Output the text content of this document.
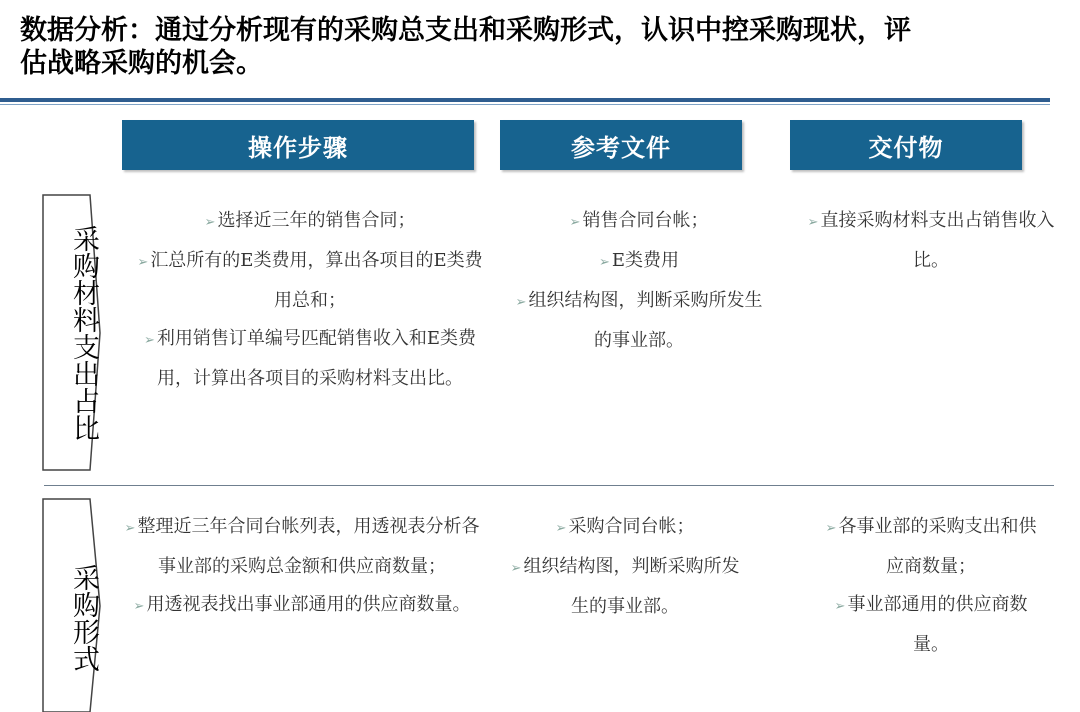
数据分析：通过分析现有的采购总支出和采购形式，认识中控采购现状，评估战略采购的机会。
操作步骤	参考文件	交付物
采购材料支出占比
➢ 选择近三年的销售合同；
➢ 汇总所有的E类费用，算出各项目的E类费用总和；
➢ 利用销售订单编号匹配销售收入和E类费用，计算出各项目的采购材料支出比。
➢ 销售合同台帐；
➢ E类费用
➢ 组织结构图，判断采购所发生的事业部。
➢ 直接采购材料支出占销售收入比。
采购形式
➢ 整理近三年合同台帐列表，用透视表分析各事业部的采购总金额和供应商数量；
➢ 用透视表找出事业部通用的供应商数量。
➢ 采购合同台帐；
➢ 组织结构图，判断采购所发生的事业部。
➢ 各事业部的采购支出和供应商数量；
➢ 事业部通用的供应商数量。
